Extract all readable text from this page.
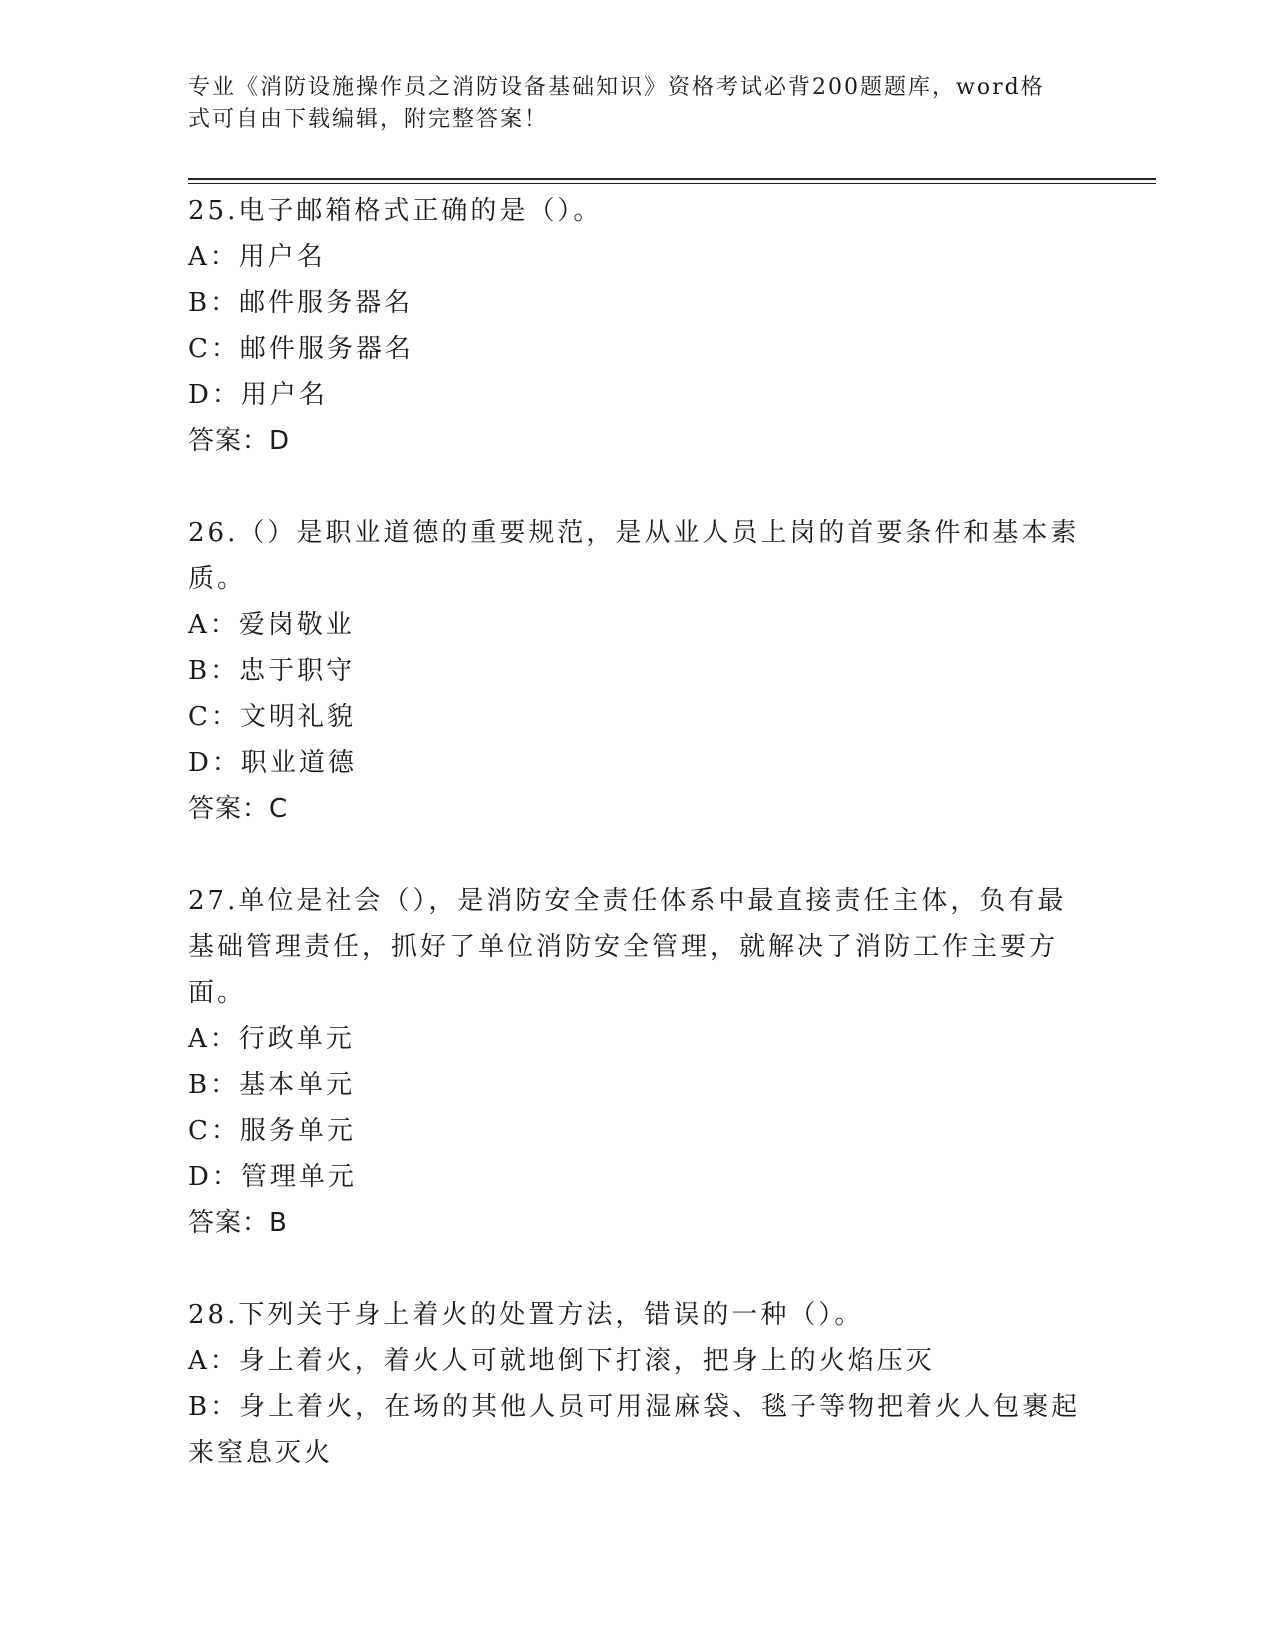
专业《消防设施操作员之消防设备基础知识》资格考试必背200题题库，word格式可自由下载编辑，附完整答案！
25.电子邮箱格式正确的是（）。
A：用户名
B：邮件服务器名
C：邮件服务器名
D：用户名
答案：D
26.（）是职业道德的重要规范，是从业人员上岗的首要条件和基本素质。
A：爱岗敬业
B：忠于职守
C：文明礼貌
D：职业道德
答案：C
27.单位是社会（），是消防安全责任体系中最直接责任主体，负有最基础管理责任，抓好了单位消防安全管理，就解决了消防工作主要方面。
A：行政单元
B：基本单元
C：服务单元
D：管理单元
答案：B
28.下列关于身上着火的处置方法，错误的一种（）。
A：身上着火，着火人可就地倒下打滚，把身上的火焰压灭
B：身上着火，在场的其他人员可用湿麻袋、毯子等物把着火人包裹起来窒息灭火
